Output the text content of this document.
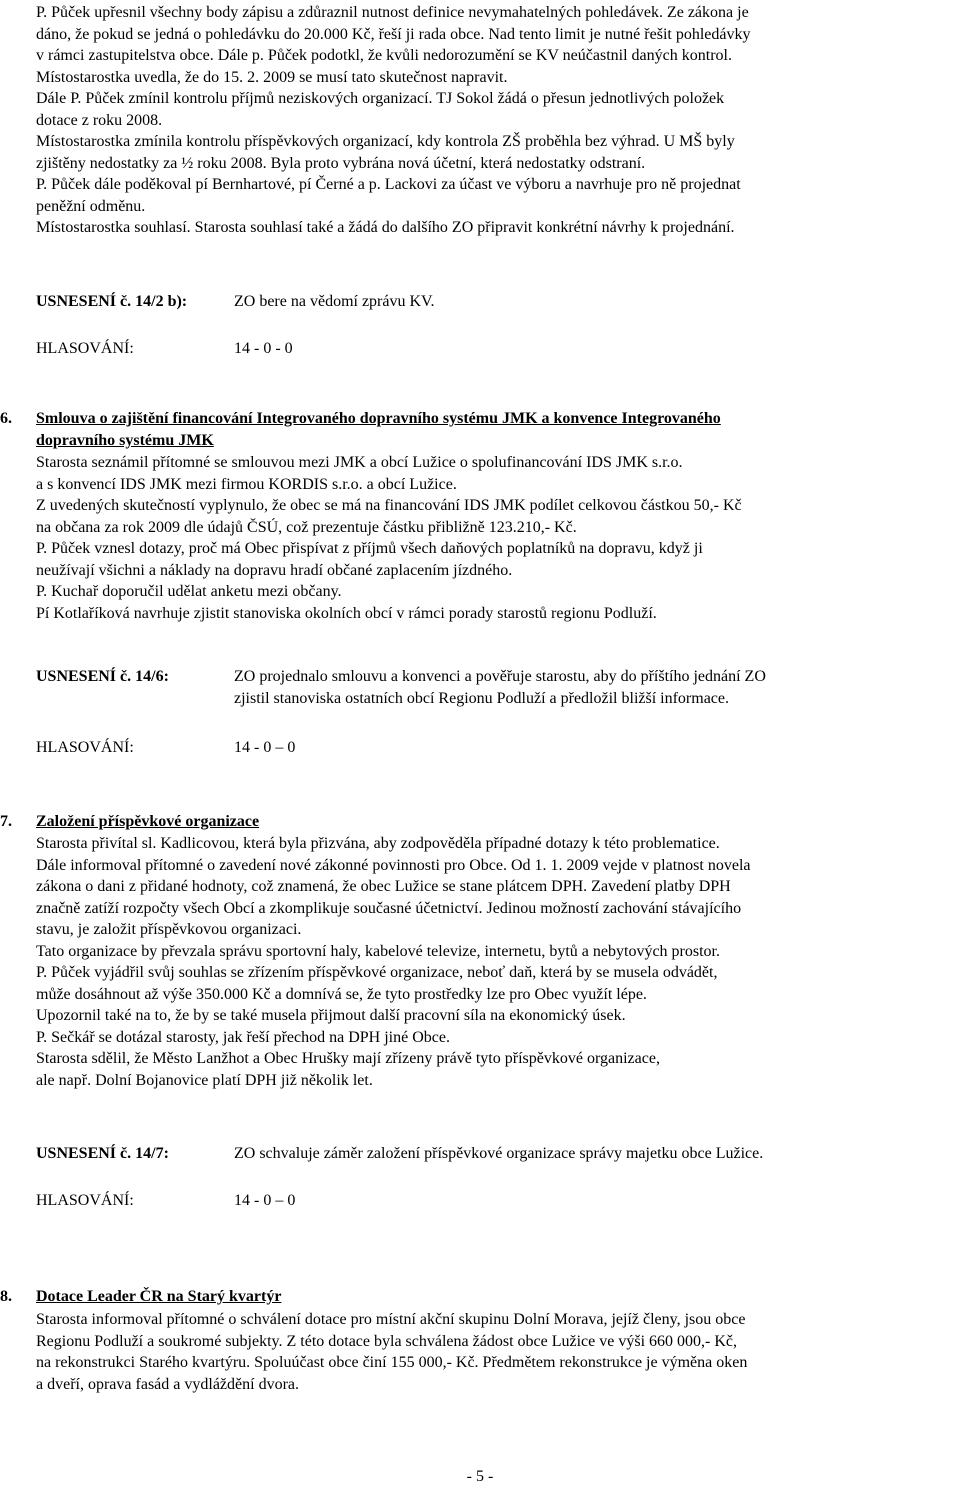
P. Půček upřesnil všechny body zápisu a zdůraznil nutnost definice nevymahatelných pohledávek. Ze zákona je
dáno, že pokud se jedná o pohledávku do 20.000 Kč, řeší ji rada obce. Nad tento limit je nutné řešit pohledávky
v rámci zastupitelstva obce. Dále p. Půček podotkl, že kvůli nedorozumění se KV neúčastnil daných kontrol.
Místostarostka uvedla, že do 15. 2. 2009 se musí tato skutečnost napravit.
Dále P. Půček zmínil kontrolu příjmů neziskových organizací. TJ Sokol žádá o přesun jednotlivých položek
dotace z roku 2008.
Místostarostka zmínila kontrolu příspěvkových organizací, kdy kontrola ZŠ proběhla bez výhrad. U MŠ byly
zjištěny nedostatky za ½ roku 2008. Byla proto vybrána nová účetní, která nedostatky odstraní.
P. Půček dále poděkoval pí Bernhartové, pí Černé a p. Lackovi za účast ve výboru a navrhuje pro ně projednat
peněžní odměnu.
Místostarostka souhlasí. Starosta souhlasí také a žádá do dalšího ZO připravit konkrétní návrhy k projednání.
USNESENÍ č. 14/2 b):	ZO bere na vědomí zprávu KV.
HLASOVÁNÍ:	14 - 0 - 0
6. Smlouva o zajištění financování Integrovaného dopravního systému JMK a konvence Integrovaného
dopravního systému JMK
Starosta seznámil přítomné se smlouvou mezi JMK a obcí Lužice o spolufinancování IDS JMK s.r.o.
a s konvencí IDS JMK mezi firmou KORDIS s.r.o. a obcí Lužice.
Z uvedených skutečností vyplynulo, že obec se má na financování IDS JMK podílet celkovou částkou 50,- Kč
na občana za rok 2009 dle údajů ČSÚ, což prezentuje částku přibližně 123.210,- Kč.
P. Půček vznesl dotazy, proč má Obec přispívat z příjmů všech daňových poplatníků na dopravu, když ji
neužívají všichni a náklady na dopravu hradí občané zaplacením jízdného.
P. Kuchař doporučil udělat anketu mezi občany.
Pí Kotlaříková navrhuje zjistit stanoviska okolních obcí v rámci porady starostů regionu Podluží.
USNESENÍ č. 14/6:	ZO projednalo smlouvu a konvenci a pověřuje starostu, aby do příštího jednání ZO
zjistil stanoviska ostatních obcí Regionu Podluží a předložil bližší informace.
HLASOVÁNÍ:	14 - 0 – 0
7. Založení příspěvkové organizace
Starosta přivítal sl. Kadlicovou, která byla přizvána, aby zodpověděla případné dotazy k této problematice.
Dále informoval přítomné o zavedení nové zákonné povinnosti pro Obce. Od 1. 1. 2009 vejde v platnost novela
zákona o dani z přidané hodnoty, což znamená, že obec Lužice se stane plátcem DPH. Zavedení platby DPH
značně zatíží rozpočty všech Obcí a zkomplikuje současné účetnictví. Jedinou možností zachování stávajícího
stavu, je založit příspěvkovou organizaci.
Tato organizace by převzala správu sportovní haly, kabelové televize, internetu, bytů a nebytových prostor.
P. Půček vyjádřil svůj souhlas se zřízením příspěvkové organizace, neboť daň, která by se musela odvádět,
může dosáhnout až výše 350.000 Kč a domnívá se, že tyto prostředky lze pro Obec využít lépe.
Upozornil také na to, že by se také musela přijmout další pracovní síla na ekonomický úsek.
P. Sečkář se dotázal starosty, jak řeší přechod na DPH jiné Obce.
Starosta sdělil, že Město Lanžhot a Obec Hrušky mají zřízeny právě tyto příspěvkové organizace,
ale např. Dolní Bojanovice platí DPH již několik let.
USNESENÍ č. 14/7:	ZO schvaluje záměr založení příspěvkové organizace správy majetku obce Lužice.
HLASOVÁNÍ:	14 - 0 – 0
8. Dotace Leader ČR na Starý kvartýr
Starosta informoval přítomné o schválení dotace pro místní akční skupinu Dolní Morava, jejíž členy, jsou obce
Regionu Podluží a soukromé subjekty. Z této dotace byla schválena žádost obce Lužice ve výši 660 000,- Kč,
na rekonstrukci Starého kvartýru. Spoluúčast obce činí 155 000,- Kč. Předmětem rekonstrukce je výměna oken
a dveří, oprava fasád a vydláždění dvora.
- 5 -
